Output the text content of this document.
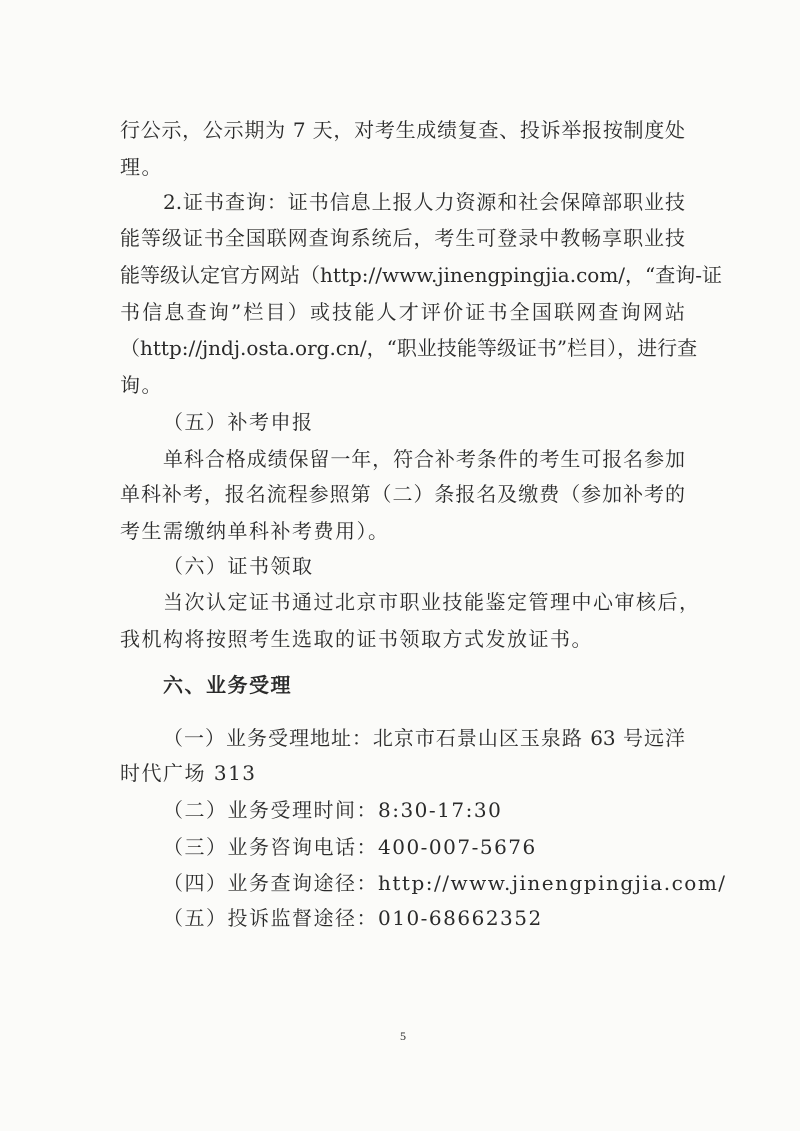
行公示，公示期为 7 天，对考生成绩复查、投诉举报按制度处
理。
2.证书查询：证书信息上报人力资源和社会保障部职业技
能等级证书全国联网查询系统后，考生可登录中教畅享职业技
能等级认定官方网站（http://www.jinengpingjia.com/，“查询-证
书信息查询”栏目）或技能人才评价证书全国联网查询网站
（http://jndj.osta.org.cn/，“职业技能等级证书”栏目），进行查
询。
（五）补考申报
单科合格成绩保留一年，符合补考条件的考生可报名参加
单科补考，报名流程参照第（二）条报名及缴费（参加补考的
考生需缴纳单科补考费用）。
（六）证书领取
当次认定证书通过北京市职业技能鉴定管理中心审核后，
我机构将按照考生选取的证书领取方式发放证书。
六、业务受理
（一）业务受理地址：北京市石景山区玉泉路 63 号远洋
时代广场 313
（二）业务受理时间：8:30-17:30
（三）业务咨询电话：400-007-5676
（四）业务查询途径：http://www.jinengpingjia.com/
（五）投诉监督途径：010-68662352
5
